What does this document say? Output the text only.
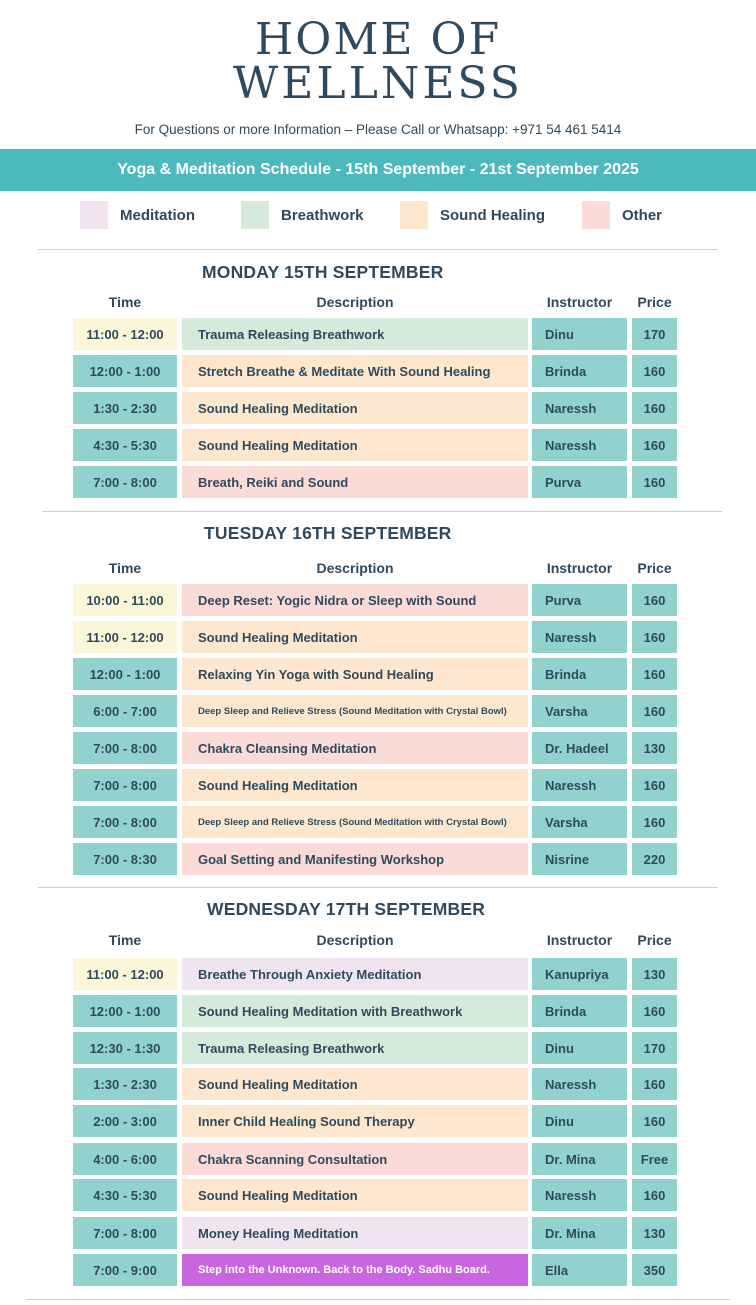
HOME OF
WELLNESS
For Questions or more Information – Please Call or Whatsapp: +971 54 461 5414
Yoga & Meditation Schedule - 15th September - 21st September 2025
Meditation	Breathwork	Sound Healing	Other
MONDAY 15TH SEPTEMBER
Time	Description	Instructor	Price
11:00 - 12:00	Trauma Releasing Breathwork	Dinu	170
12:00 - 1:00	Stretch Breathe & Meditate With Sound Healing	Brinda	160
1:30 - 2:30	Sound Healing Meditation	Naressh	160
4:30 - 5:30	Sound Healing Meditation	Naressh	160
7:00 - 8:00	Breath, Reiki and Sound	Purva	160
TUESDAY 16TH SEPTEMBER
Time	Description	Instructor	Price
10:00 - 11:00	Deep Reset: Yogic Nidra or Sleep with Sound	Purva	160
11:00 - 12:00	Sound Healing Meditation	Naressh	160
12:00 - 1:00	Relaxing Yin Yoga with Sound Healing	Brinda	160
6:00 - 7:00	Deep Sleep and Relieve Stress (Sound Meditation with Crystal Bowl)	Varsha	160
7:00 - 8:00	Chakra Cleansing Meditation	Dr. Hadeel	130
7:00 - 8:00	Sound Healing Meditation	Naressh	160
7:00 - 8:00	Deep Sleep and Relieve Stress (Sound Meditation with Crystal Bowl)	Varsha	160
7:00 - 8:30	Goal Setting and Manifesting Workshop	Nisrine	220
WEDNESDAY 17TH SEPTEMBER
Time	Description	Instructor	Price
11:00 - 12:00	Breathe Through Anxiety Meditation	Kanupriya	130
12:00 - 1:00	Sound Healing Meditation with Breathwork	Brinda	160
12:30 - 1:30	Trauma Releasing Breathwork	Dinu	170
1:30 - 2:30	Sound Healing Meditation	Naressh	160
2:00 - 3:00	Inner Child Healing Sound Therapy	Dinu	160
4:00 - 6:00	Chakra Scanning Consultation	Dr. Mina	Free
4:30 - 5:30	Sound Healing Meditation	Naressh	160
7:00 - 8:00	Money Healing Meditation	Dr. Mina	130
7:00 - 9:00	Step into the Unknown. Back to the Body. Sadhu Board.	Ella	350
